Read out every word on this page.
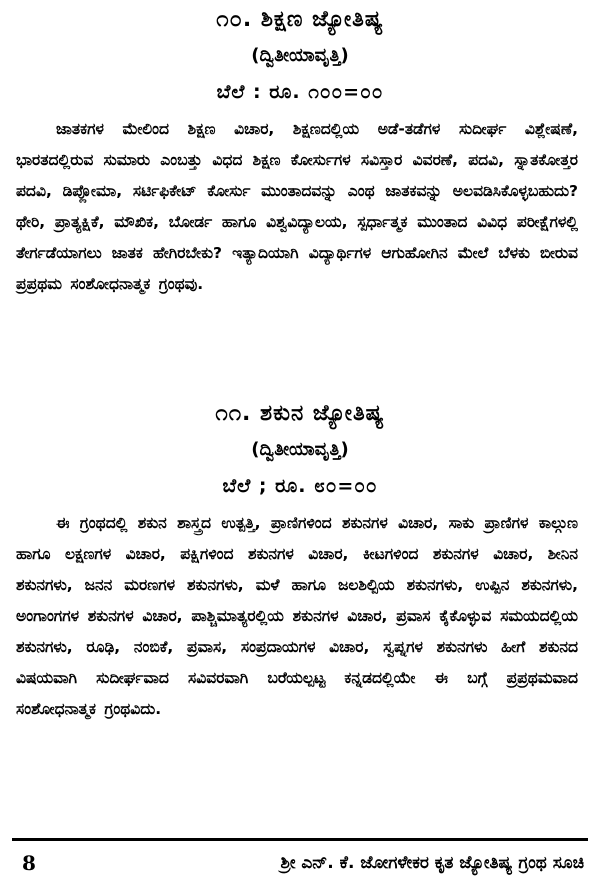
೧೦. ಶಿಕ್ಷಣ ಜ್ಯೋತಿಷ್ಯ
(ದ್ವಿತೀಯಾವೃತ್ತಿ)
ಬೆಲೆ : ರೂ. ೧೦೦=೦೦
ಜಾತಕಗಳ ಮೇಲಿಂದ ಶಿಕ್ಷಣ ವಿಚಾರ, ಶಿಕ್ಷಣದಲ್ಲಿಯ ಅಡೆ-ತಡೆಗಳ ಸುದೀರ್ಘ ವಿಶ್ಲೇಷಣೆ, ಭಾರತದಲ್ಲಿರುವ ಸುಮಾರು ಎಂಬತ್ತು ವಿಧದ ಶಿಕ್ಷಣ ಕೋರ್ಸುಗಳ ಸವಿಸ್ತಾರ ವಿವರಣೆ, ಪದವಿ, ಸ್ನಾತಕೋತ್ತರ ಪದವಿ, ಡಿಪ್ಲೋಮಾ, ಸರ್ಟಿಫಿಕೇಟ್ ಕೋರ್ಸು ಮುಂತಾದವನ್ನು ಎಂಥ ಜಾತಕವನ್ನು ಅಲವಡಿಸಿಕೊಳ್ಳಬಹುದು? ಥೇರಿ, ಪ್ರಾತ್ಯಕ್ಷಿಕೆ, ಮೌಖಿಕ, ಬೋರ್ಡ ಹಾಗೂ ವಿಶ್ವವಿದ್ಯಾಲಯ, ಸ್ಪರ್ಧಾತ್ಮಕ ಮುಂತಾದ ವಿವಿಧ ಪರೀಕ್ಷೆಗಳಲ್ಲಿ ತೇರ್ಗಡೆಯಾಗಲು ಜಾತಕ ಹೇಗಿರಬೇಕು? ಇತ್ಯಾದಿಯಾಗಿ ವಿದ್ಯಾರ್ಥಿಗಳ ಆಗುಹೋಗಿನ ಮೇಲೆ ಬೆಳಕು ಬೀರುವ ಪ್ರಪ್ರಥಮ ಸಂಶೋಧನಾತ್ಮಕ ಗ್ರಂಥವು.
೧೧. ಶಕುನ ಜ್ಯೋತಿಷ್ಯ
(ದ್ವಿತೀಯಾವೃತ್ತಿ)
ಬೆಲೆ ; ರೂ. ೮೦=೦೦
ಈ ಗ್ರಂಥದಲ್ಲಿ ಶಕುನ ಶಾಸ್ತ್ರದ ಉತ್ಪತ್ತಿ, ಪ್ರಾಣಿಗಳಿಂದ ಶಕುನಗಳ ವಿಚಾರ, ಸಾಕು ಪ್ರಾಣಿಗಳ ಕಾಲ್ಗುಣ ಹಾಗೂ ಲಕ್ಷಣಗಳ ವಿಚಾರ, ಪಕ್ಷಿಗಳಿಂದ ಶಕುನಗಳ ವಿಚಾರ, ಕೀಟಗಳಿಂದ ಶಕುನಗಳ ವಿಚಾರ, ಶೀನಿನ ಶಕುನಗಳು, ಜನನ ಮರಣಗಳ ಶಕುನಗಳು, ಮಳೆ ಹಾಗೂ ಜಲಶಿಲ್ಪಿಯ ಶಕುನಗಳು, ಉಪ್ಪಿನ ಶಕುನಗಳು, ಅಂಗಾಂಗಗಳ ಶಕುನಗಳ ವಿಚಾರ, ಪಾಶ್ಚಿಮಾತ್ಯರಲ್ಲಿಯ ಶಕುನಗಳ ವಿಚಾರ, ಪ್ರವಾಸ ಕೈಕೊಳ್ಳುವ ಸಮಯದಲ್ಲಿಯ ಶಕುನಗಳು, ರೂಢಿ, ನಂಬಿಕೆ, ಪ್ರವಾಸ, ಸಂಪ್ರದಾಯಗಳ ವಿಚಾರ, ಸ್ವಪ್ನಗಳ ಶಕುನಗಳು ಹೀಗೆ ಶಕುನದ ವಿಷಯವಾಗಿ ಸುದೀರ್ಘವಾದ ಸವಿವರವಾಗಿ ಬರೆಯಲ್ಪಟ್ಟ ಕನ್ನಡದಲ್ಲಿಯೇ ಈ ಬಗ್ಗೆ ಪ್ರಪ್ರಥಮವಾದ ಸಂಶೋಧನಾತ್ಮಕ ಗ್ರಂಥವಿದು.
8	ಶ್ರೀ ಎನ್. ಕೆ. ಜೋಗಳೇಕರ ಕೃತ ಜ್ಯೋತಿಷ್ಯ ಗ್ರಂಥ ಸೂಚಿ
